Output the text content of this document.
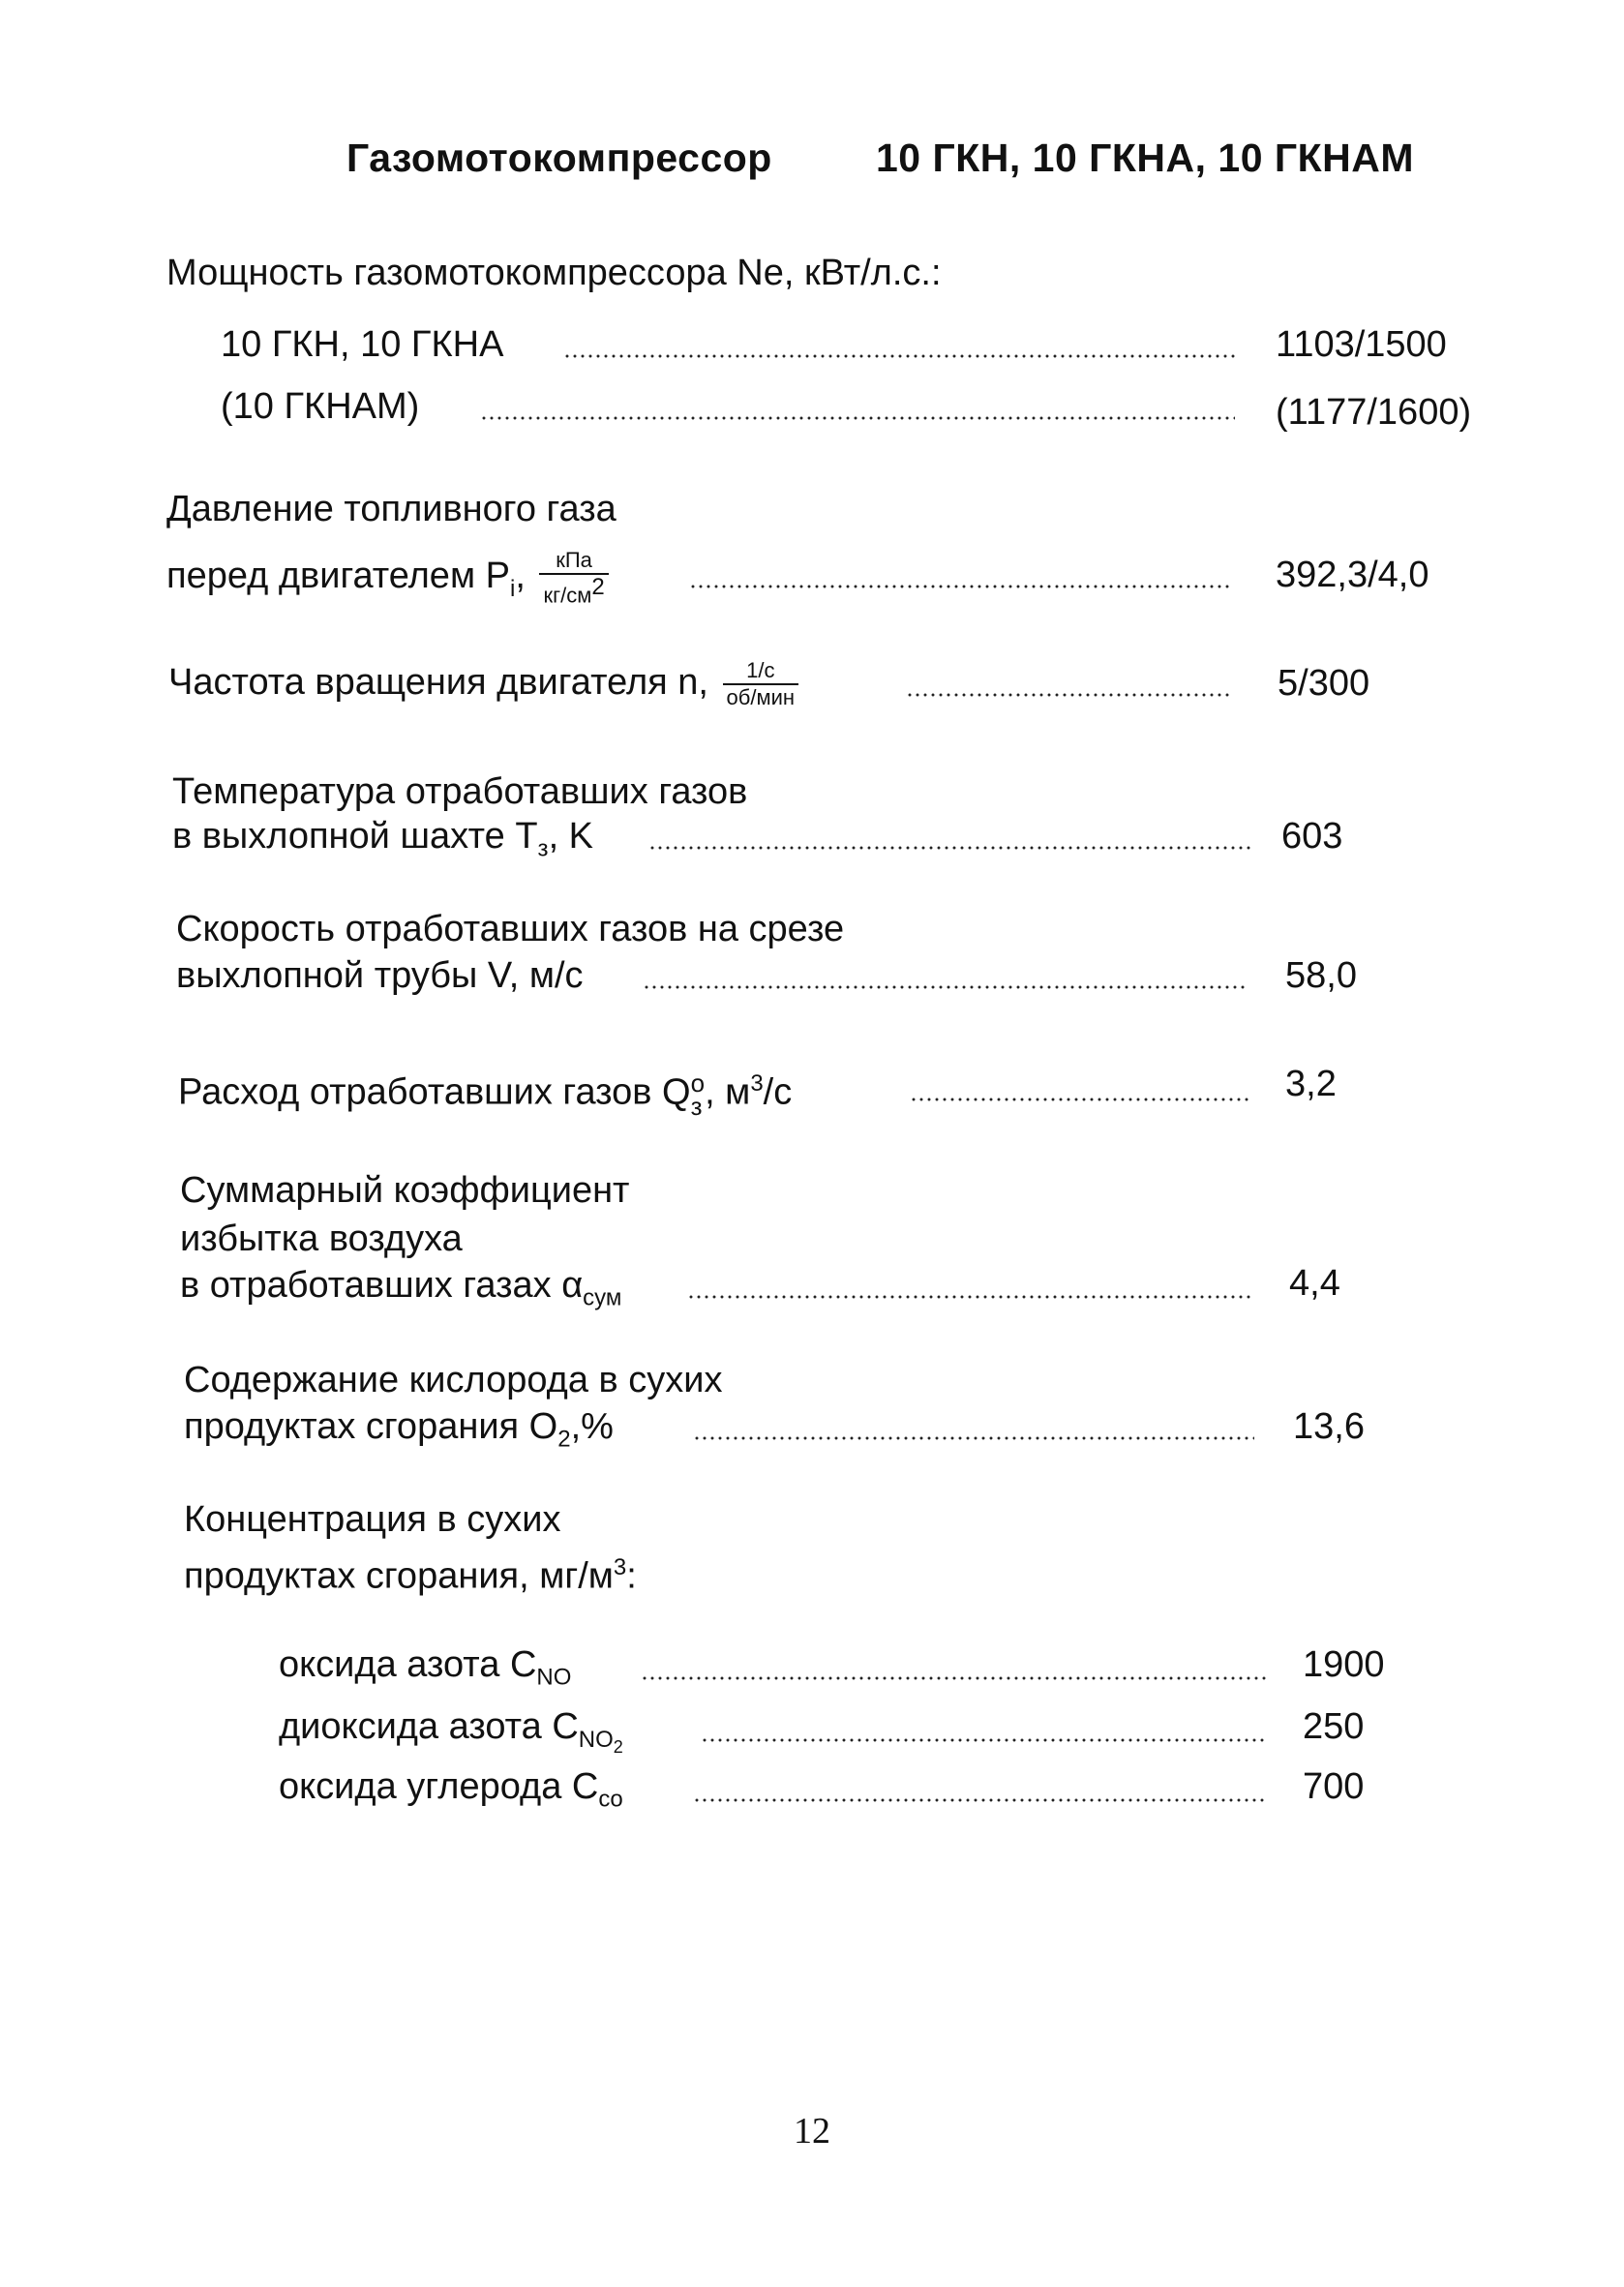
Газомотокомпрессор	10 ГКН, 10 ГКНА, 10 ГКНАМ
Мощность газомотокомпрессора Ne, кВт/л.с.:
10 ГКН, 10 ГКНА	1103/1500
(10 ГКНАМ)	(1177/1600)
Давление топливного газа
перед двигателем $P_i$, $\frac{\text{кПа}}{кг/см^2}$	392,3/4,0
Частота вращения двигателя n, $\frac{1/с}{\text{об/мин}}$	5/300
Температура отработавших газов
в выхлопной шахте $T_з$, K	603
Скорость отработавших газов на срезе
выхлопной трубы V, м/с	58,0
Расход отработавших газов Q о
з , $м^3/с$	3,2
Суммарный коэффициент
избытка воздуха
в отработавших газах $\alpha_{сум}$	4,4
Содержание кислорода в сухих
продуктах сгорания $O_2,\%$	13,6
Концентрация в сухих
продуктах сгорания, $мг/м^3$:
оксида азота $C_{NO}$	1900
диоксида азота $C_{NO_2}$	250
оксида углерода $C_{co}$	700
12
